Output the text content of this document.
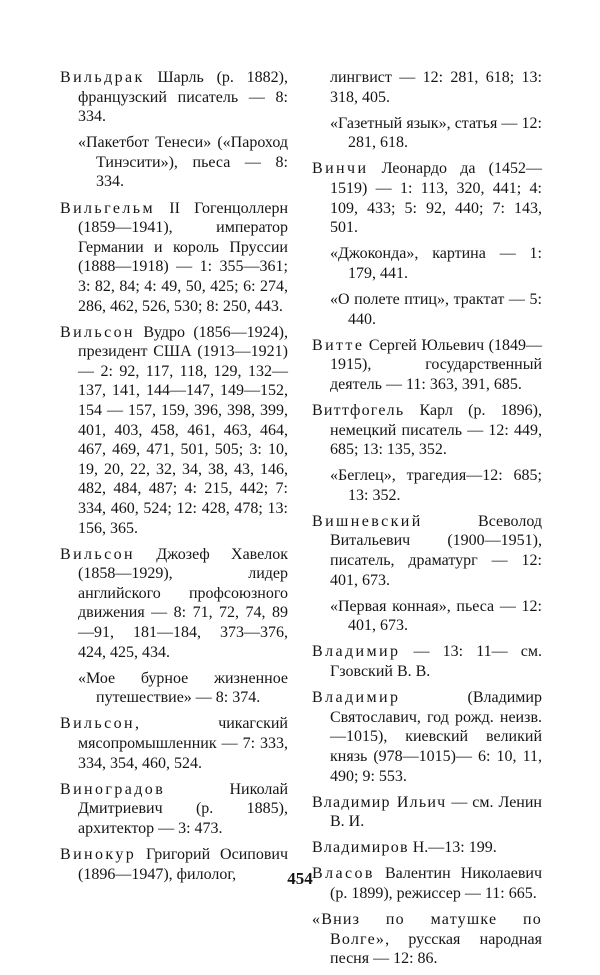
Вильдрак Шарль (р. 1882), французский писатель — 8: 334.

«Пакетбот Тенеси» («Пароход Тинэсити»), пьеса — 8: 334.

Вильгельм II Гогенцоллерн (1859—1941), император Германии и король Пруссии (1888—1918) — 1: 355—361; 3: 82, 84; 4: 49, 50, 425; 6: 274, 286, 462, 526, 530; 8: 250, 443.

Вильсон Вудро (1856—1924), президент США (1913—1921) — 2: 92, 117, 118, 129, 132—137, 141, 144—147, 149—152, 154 — 157, 159, 396, 398, 399, 401, 403, 458, 461, 463, 464, 467, 469, 471, 501, 505; 3: 10, 19, 20, 22, 32, 34, 38, 43, 146, 482, 484, 487; 4: 215, 442; 7: 334, 460, 524; 12: 428, 478; 13: 156, 365.

Вильсон Джозеф Хавелок (1858—1929), лидер английского профсоюзного движения — 8: 71, 72, 74, 89—91, 181—184, 373—376, 424, 425, 434.

«Мое бурное жизненное путешествие» — 8: 374.

Вильсон, чикагский мясопромышленник — 7: 333, 334, 354, 460, 524.

Виноградов Николай Дмитриевич (р. 1885), архитектор — 3: 473.

Винокур Григорий Осипович (1896—1947), филолог,

лингвист — 12: 281, 618; 13: 318, 405.

«Газетный язык», статья — 12: 281, 618.

Винчи Леонардо да (1452—1519) — 1: 113, 320, 441; 4: 109, 433; 5: 92, 440; 7: 143, 501.

«Джоконда», картина — 1: 179, 441.

«О полете птиц», трактат — 5: 440.

Витте Сергей Юльевич (1849—1915), государственный деятель — 11: 363, 391, 685.

Виттфогель Карл (р. 1896), немецкий писатель — 12: 449, 685; 13: 135, 352.

«Беглец», трагедия—12: 685; 13: 352.

Вишневский Всеволод Витальевич (1900—1951), писатель, драматург — 12: 401, 673.

«Первая конная», пьеса — 12: 401, 673.

Владимир — 13: 11— см. Гзовский В. В.

Владимир (Владимир Святославич, год рожд. неизв.—1015), киевский великий князь (978—1015)— 6: 10, 11, 490; 9: 553.

Владимир Ильич — см. Ленин В. И.

Владимиров Н.—13: 199.

Власов Валентин Николаевич (р. 1899), режиссер — 11: 665.

«Вниз по матушке по Волге», русская народная песня — 12: 86.

454
